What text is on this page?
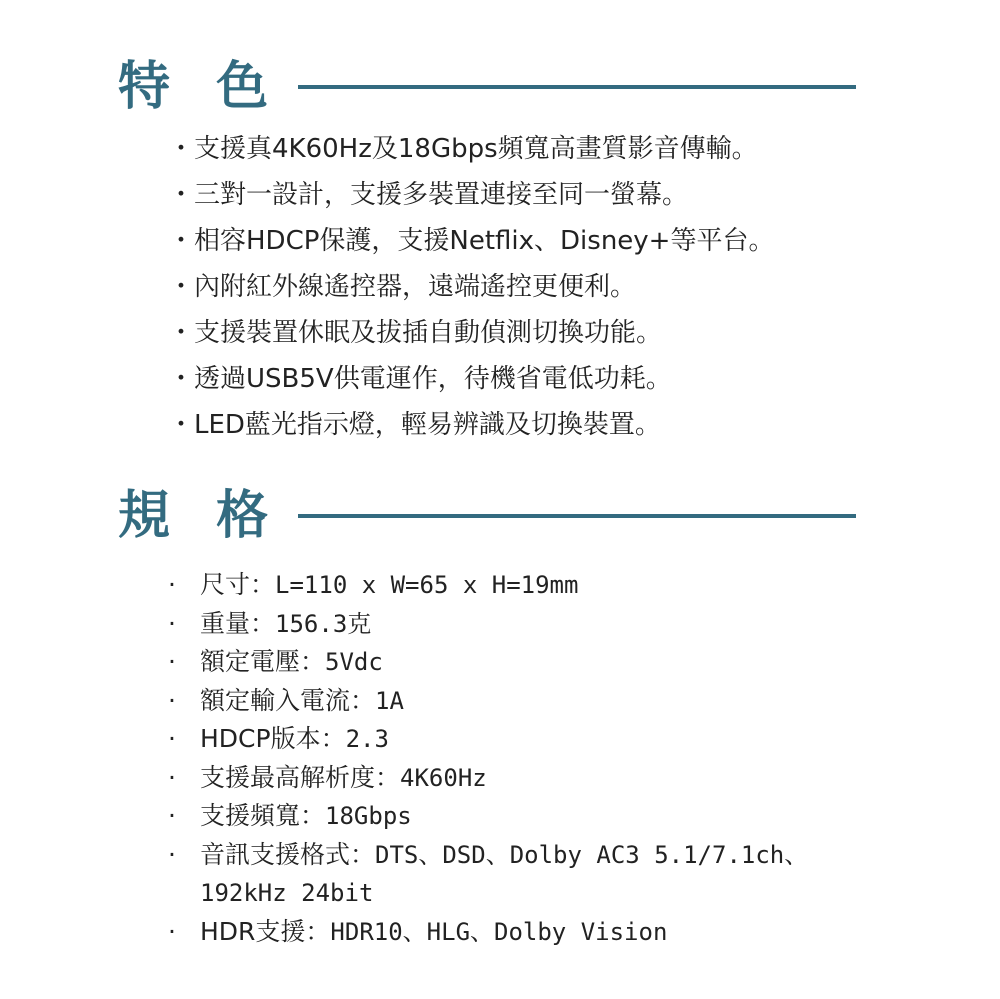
特 色
・ 支援真4K60Hz及18Gbps頻寬高畫質影音傳輸。
・ 三對一設計，支援多裝置連接至同一螢幕。
・ 相容HDCP保護，支援Netflix、Disney+等平台。
・ 內附紅外線遙控器，遠端遙控更便利。
・ 支援裝置休眠及拔插自動偵測切換功能。
・ 透過USB5V供電運作，待機省電低功耗。
・ LED藍光指示燈，輕易辨識及切換裝置。
規 格
· 尺寸：L=110 x W=65 x H=19mm
· 重量：156.3克
· 額定電壓：5Vdc
· 額定輸入電流：1A
· HDCP版本：2.3
· 支援最高解析度：4K60Hz
· 支援頻寬：18Gbps
· 音訊支援格式：DTS、DSD、Dolby AC3 5.1/7.1ch、
192kHz 24bit
· HDR支援：HDR10、HLG、Dolby Vision
